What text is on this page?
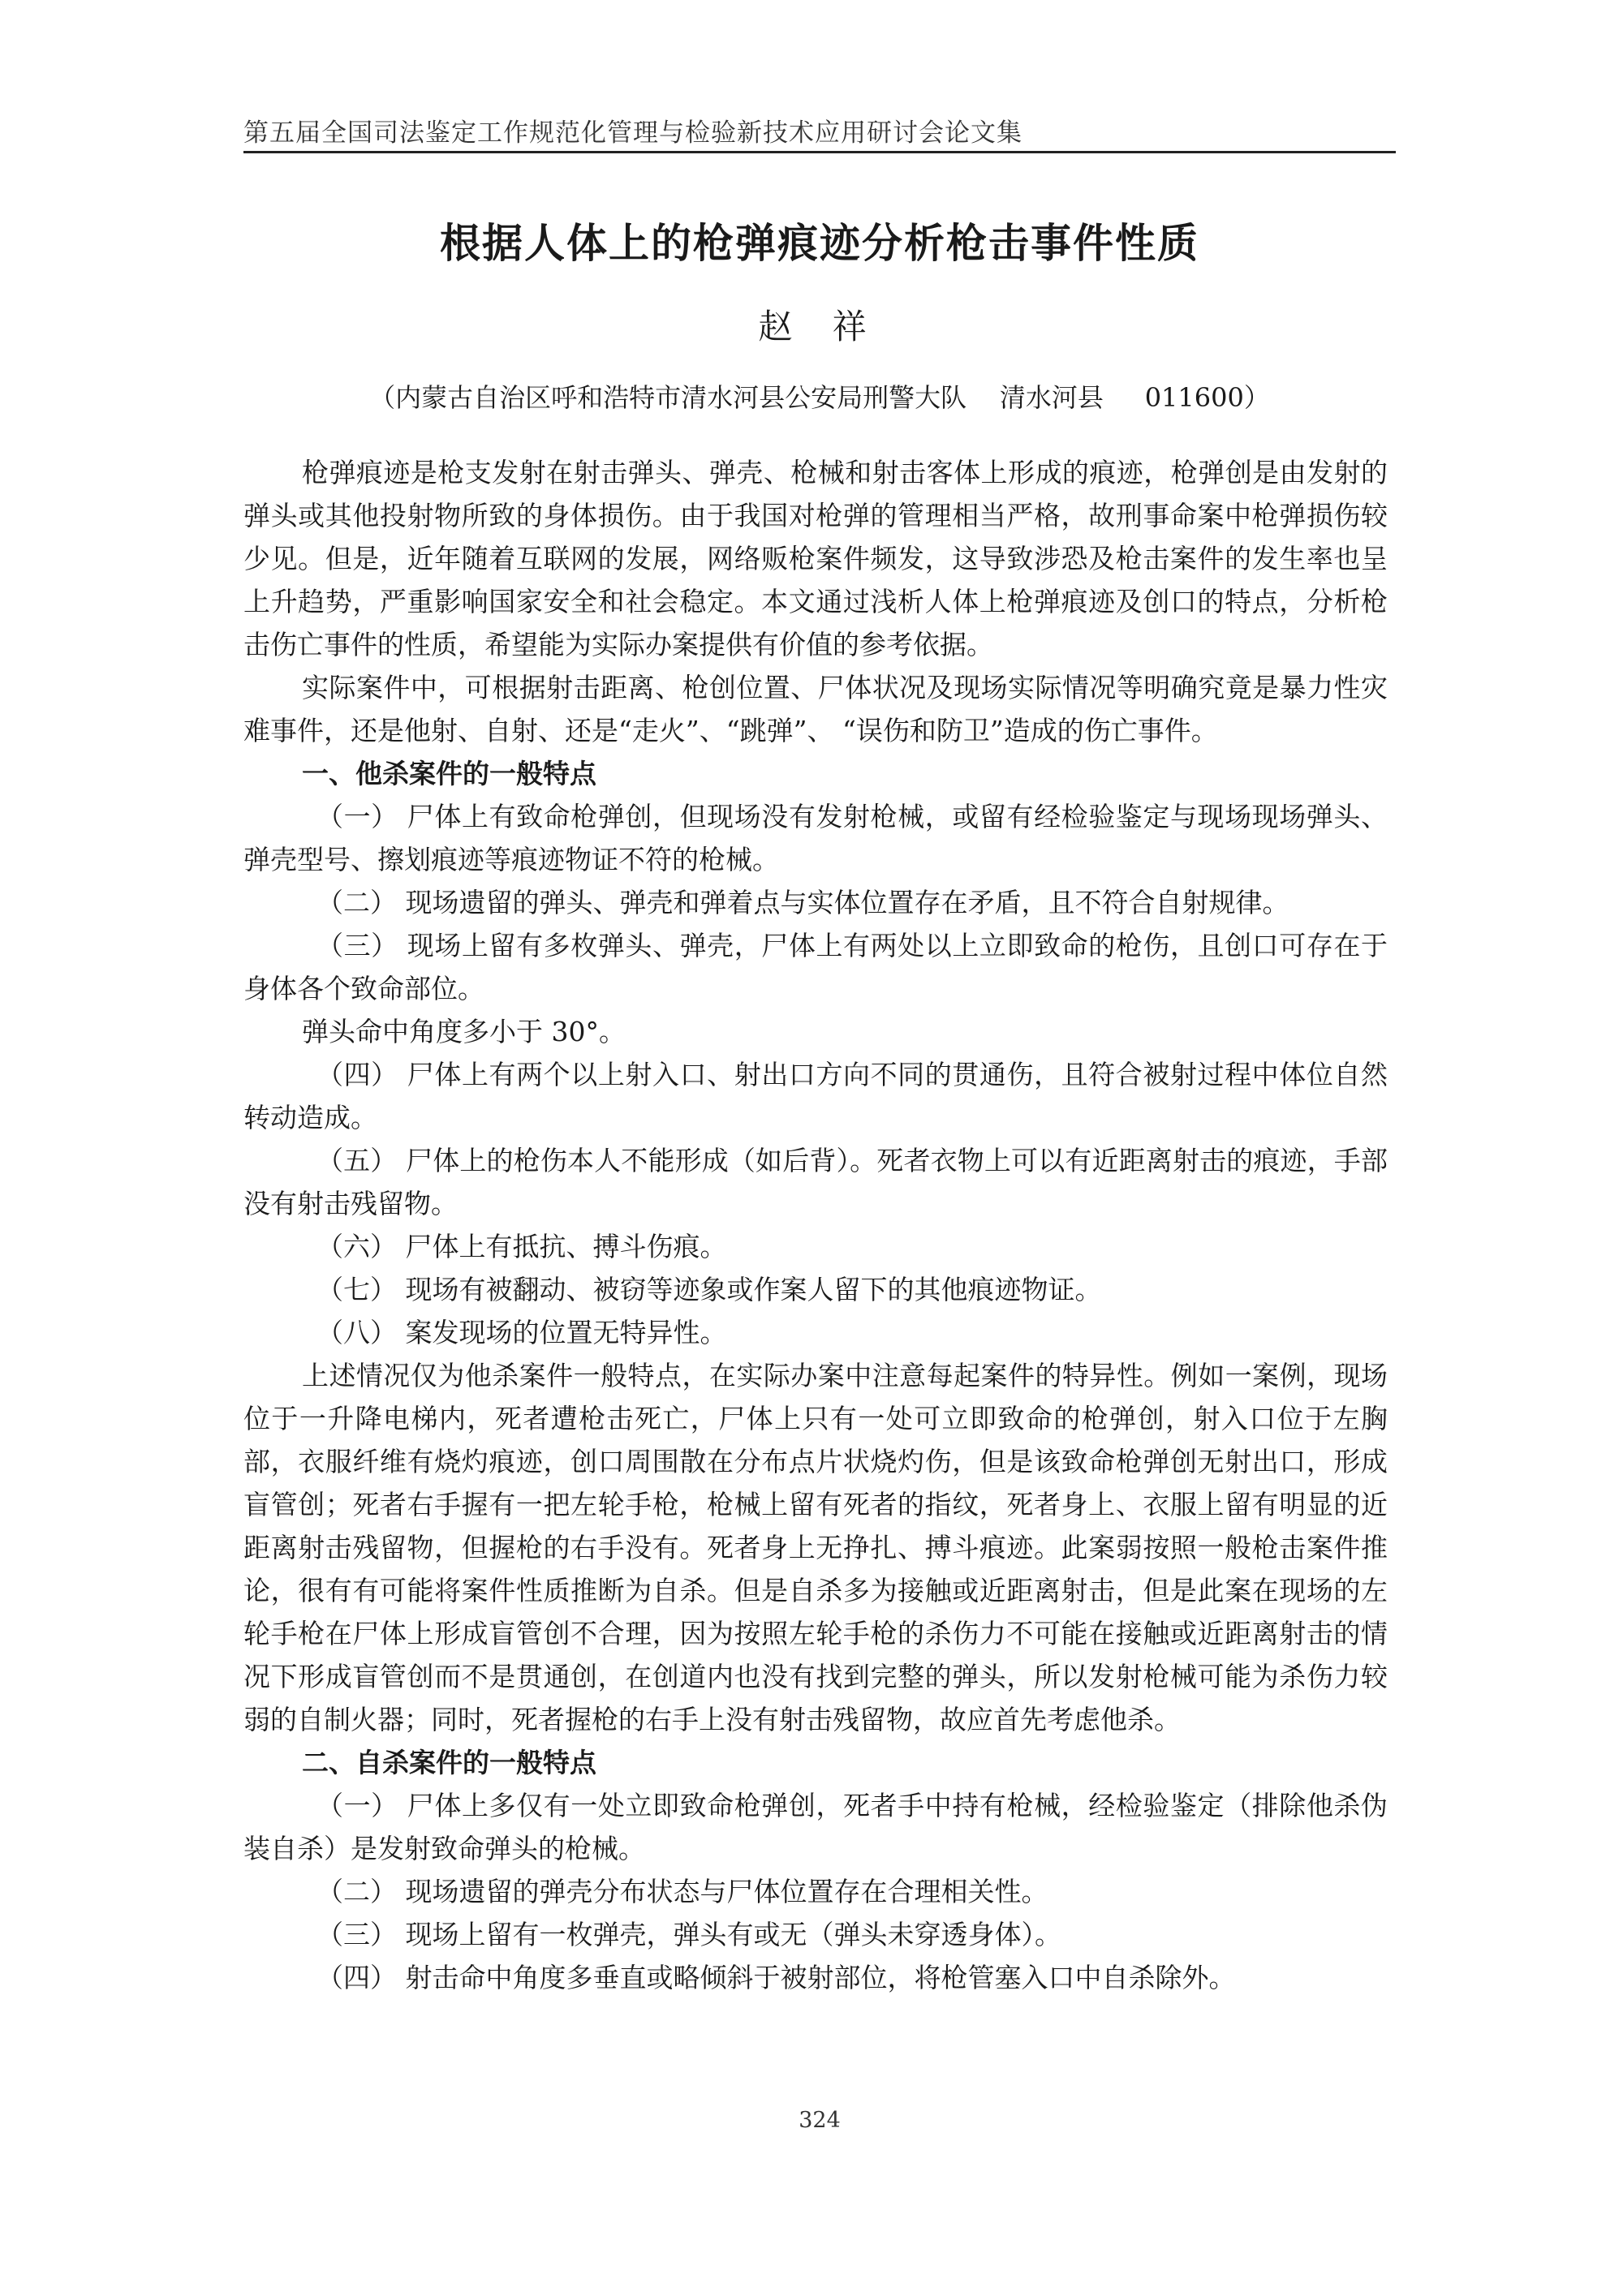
第五届全国司法鉴定工作规范化管理与检验新技术应用研讨会论文集
根据人体上的枪弹痕迹分析枪击事件性质
赵 祥
（内蒙古自治区呼和浩特市清水河县公安局刑警大队    清水河县     011600）

枪弹痕迹是枪支发射在射击弹头、弹壳、枪械和射击客体上形成的痕迹，枪弹创是由发射的弹头或其他投射物所致的身体损伤。由于我国对枪弹的管理相当严格，故刑事命案中枪弹损伤较少见。但是，近年随着互联网的发展，网络贩枪案件频发，这导致涉恐及枪击案件的发生率也呈上升趋势，严重影响国家安全和社会稳定。本文通过浅析人体上枪弹痕迹及创口的特点，分析枪击伤亡事件的性质，希望能为实际办案提供有价值的参考依据。

实际案件中，可根据射击距离、枪创位置、尸体状况及现场实际情况等明确究竟是暴力性灾难事件，还是他射、自射、还是“走火”、“跳弹”、 “误伤和防卫”造成的伤亡事件。

一、他杀案件的一般特点

（一） 尸体上有致命枪弹创，但现场没有发射枪械，或留有经检验鉴定与现场现场弹头、弹壳型号、擦划痕迹等痕迹物证不符的枪械。

（二） 现场遗留的弹头、弹壳和弹着点与实体位置存在矛盾，且不符合自射规律。

（三） 现场上留有多枚弹头、弹壳，尸体上有两处以上立即致命的枪伤，且创口可存在于身体各个致命部位。

弹头命中角度多小于 30°。

（四） 尸体上有两个以上射入口、射出口方向不同的贯通伤，且符合被射过程中体位自然转动造成。

（五） 尸体上的枪伤本人不能形成（如后背）。死者衣物上可以有近距离射击的痕迹，手部没有射击残留物。

（六） 尸体上有抵抗、搏斗伤痕。

（七） 现场有被翻动、被窃等迹象或作案人留下的其他痕迹物证。

（八） 案发现场的位置无特异性。

上述情况仅为他杀案件一般特点，在实际办案中注意每起案件的特异性。例如一案例，现场位于一升降电梯内，死者遭枪击死亡，尸体上只有一处可立即致命的枪弹创，射入口位于左胸部，衣服纤维有烧灼痕迹，创口周围散在分布点片状烧灼伤，但是该致命枪弹创无射出口，形成盲管创；死者右手握有一把左轮手枪，枪械上留有死者的指纹，死者身上、衣服上留有明显的近距离射击残留物，但握枪的右手没有。死者身上无挣扎、搏斗痕迹。此案弱按照一般枪击案件推论，很有有可能将案件性质推断为自杀。但是自杀多为接触或近距离射击，但是此案在现场的左轮手枪在尸体上形成盲管创不合理，因为按照左轮手枪的杀伤力不可能在接触或近距离射击的情况下形成盲管创而不是贯通创，在创道内也没有找到完整的弹头，所以发射枪械可能为杀伤力较弱的自制火器；同时，死者握枪的右手上没有射击残留物，故应首先考虑他杀。

二、自杀案件的一般特点

（一） 尸体上多仅有一处立即致命枪弹创，死者手中持有枪械，经检验鉴定（排除他杀伪装自杀）是发射致命弹头的枪械。

（二） 现场遗留的弹壳分布状态与尸体位置存在合理相关性。

（三） 现场上留有一枚弹壳，弹头有或无（弹头未穿透身体）。

（四） 射击命中角度多垂直或略倾斜于被射部位，将枪管塞入口中自杀除外。

324
